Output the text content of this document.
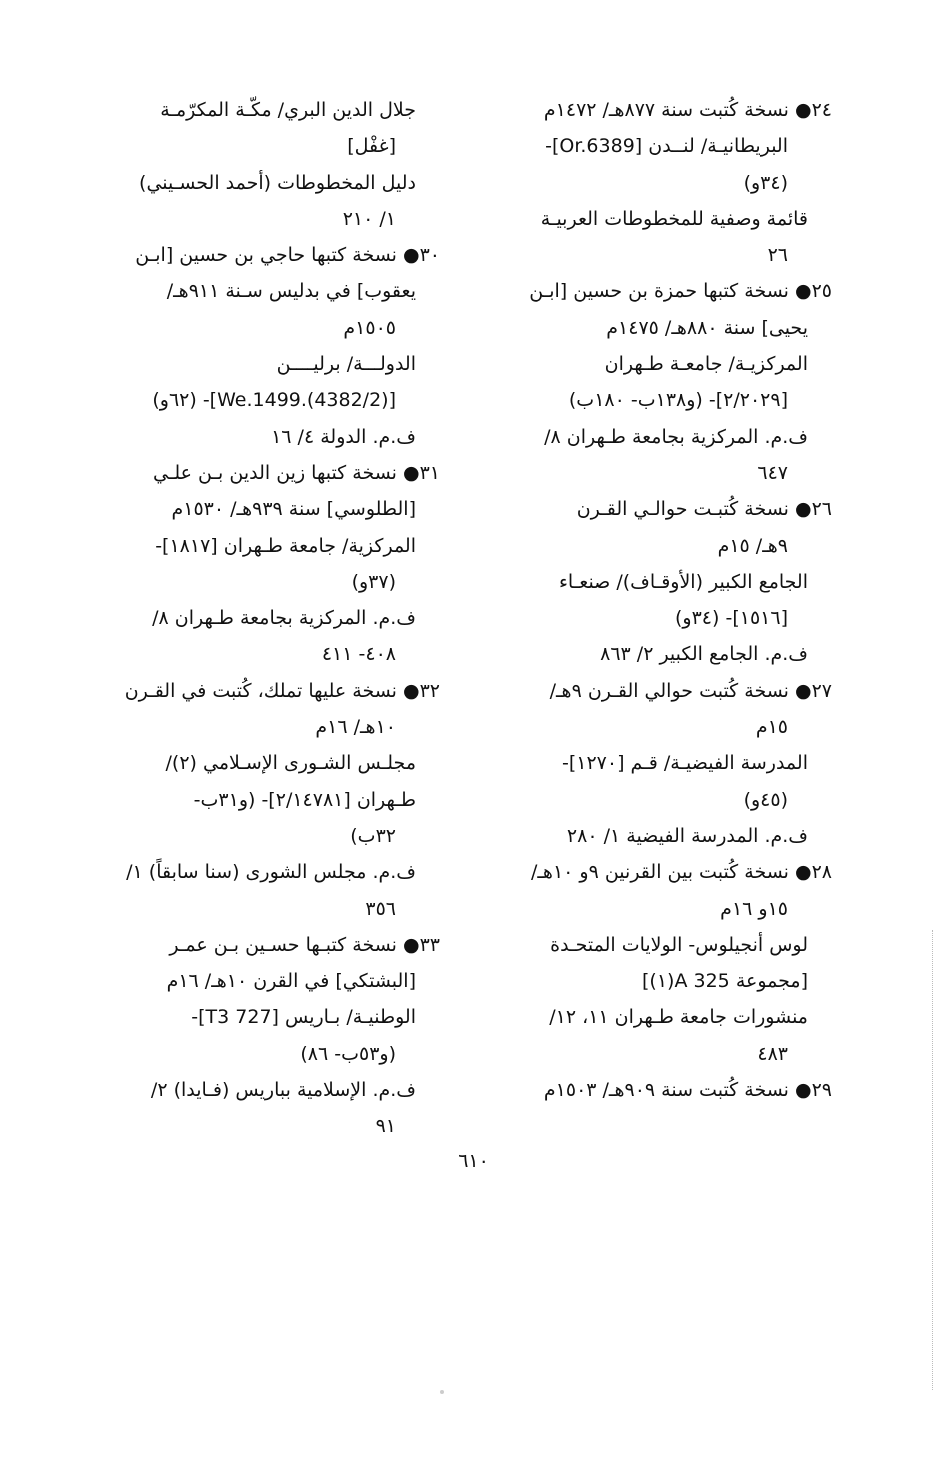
٢٤● نسخة كُتبت سنة ٨٧٧هـ/ ١٤٧٢م
البريطانيـة/ لنــدن [Or.6389]-
(٣٤و)
قائمة وصفية للمخطوطات العربيـة
٢٦
٢٥● نسخة كتبها حمزة بن حسين [ابـن
يحيى] سنة ٨٨٠هـ/ ١٤٧٥م
المركزيـة/ جامعـة طـهران
[٢/٢٠٢٩]- (و١٣٨ب- ١٨٠ب)
ف.م. المركزية بجامعة طـهران ٨/
٦٤٧
٢٦● نسخة كُتبـت حوالـي القـرن
٩هـ/ ١٥م
الجامع الكبير (الأوقـاف)/ صنعـاء
[١٥١٦]- (٣٤و)
ف.م. الجامع الكبير ٢/ ٨٦٣
٢٧● نسخة كُتبت حوالي القـرن ٩هـ/
١٥م
المدرسة الفيضيـة/ قـم [١٢٧٠]-
(٤٥و)
ف.م. المدرسة الفيضية ١/ ٢٨٠
٢٨● نسخة كُتبت بين القرنين ٩و ١٠هـ/
١٥و ١٦م
لوس أنجيلوس- الولايات المتحـدة
[مجموعة A 325(١)]
منشورات جامعة طـهران ١١، ١٢/
٤٨٣
٢٩● نسخة كُتبت سنة ٩٠٩هـ/ ١٥٠٣م
جلال الدين البري/ مكّـة المكرّمـة
[غفْل]
دليل المخطوطات (أحمد الحسـيني)
١/ ٢١٠
٣٠● نسخة كتبها حاجي بن حسين [ابـن
يعقوب] في بدليس سـنة ٩١١هـ/
١٥٠٥م
الدولـــة/ برليــــن
[We.1499.(4382/2)]- (٦٢و)
ف.م. الدولة ٤/ ١٦
٣١● نسخة كتبها زين الدين بـن علـي
[الطلوسي] سنة ٩٣٩هـ/ ١٥٣٠م
المركزية/ جامعة طـهران [١٨١٧]-
(٣٧و)
ف.م. المركزية بجامعة طـهران ٨/
٤٠٨- ٤١١
٣٢● نسخة عليها تملك، كُتبت في القـرن
١٠هـ/ ١٦م
مجلـس الشـورى الإسـلامي (٢)/
طـهران [٢/١٤٧٨١]- (و٣١ب-
٣٢ب)
ف.م. مجلس الشورى (سنا سابقاً) ١/
٣٥٦
٣٣● نسخة كتبـها حسـين بـن عمـر
[البشتكي] في القرن ١٠هـ/ ١٦م
الوطنيـة/ بـاريس [T3 727]-
(و٥٣ب- ٨٦)
ف.م. الإسلامية بباريس (فـايدا) ٢/
٩١
٦١٠
